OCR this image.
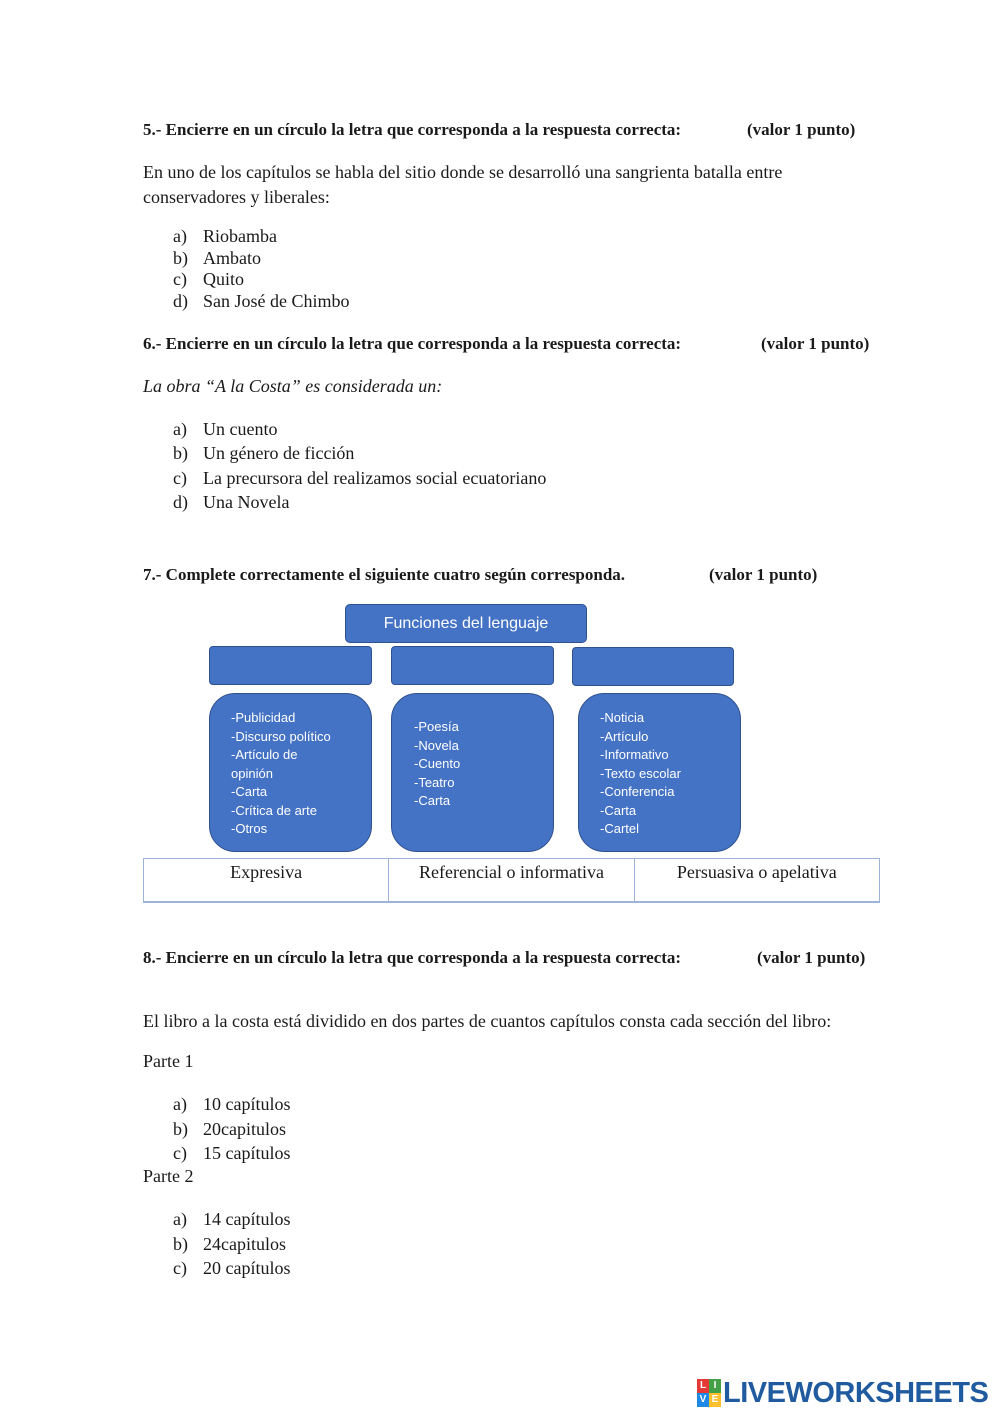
5.- Encierre en un círculo la letra que corresponda a la respuesta correcta:	(valor 1 punto)
En uno de los capítulos se habla del sitio donde se desarrolló una sangrienta batalla entre conservadores y liberales:
a) Riobamba
b) Ambato
c) Quito
d) San José de Chimbo
6.- Encierre en un círculo la letra que corresponda a la respuesta correcta:	(valor 1 punto)
La obra “A la Costa” es considerada un:
a) Un cuento
b) Un género de ficción
c) La precursora del realizamos social ecuatoriano
d) Una Novela
7.- Complete correctamente el siguiente cuatro según corresponda.	(valor 1 punto)
Funciones del lenguaje
-Publicidad
-Discurso político
-Artículo de
opinión
-Carta
-Crítica de arte
-Otros
-Poesía
-Novela
-Cuento
-Teatro
-Carta
-Noticia
-Artículo
-Informativo
-Texto escolar
-Conferencia
-Carta
-Cartel
Expresiva	Referencial o informativa	Persuasiva o apelativa
8.- Encierre en un círculo la letra que corresponda a la respuesta correcta:	(valor 1 punto)
El libro a la costa está dividido en dos partes de cuantos capítulos consta cada sección del libro:
Parte 1
a) 10 capítulos
b) 20capitulos
c) 15 capítulos
Parte 2
a) 14 capítulos
b) 24capitulos
c) 20 capítulos
L I
V E LIVEWORKSHEETS
